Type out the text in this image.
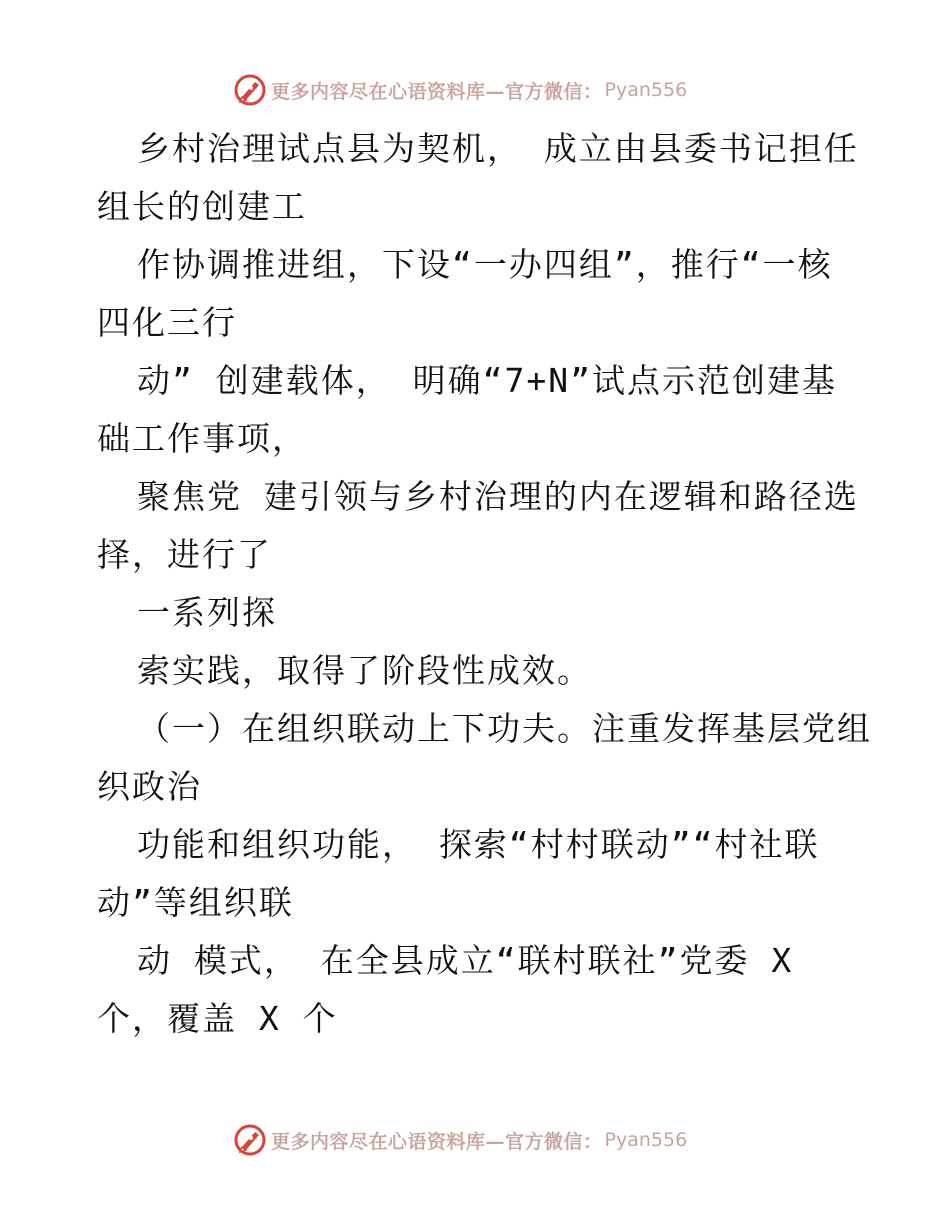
更多内容尽在心语资料库—官方微信： Pyan556
乡村治理试点县为契机， 成立由县委书记担任
组长的创建工
作协调推进组，下设“一办四组”，推行“一核
四化三行
动” 创建载体， 明确“7+N”试点示范创建基
础工作事项，
聚焦党 建引领与乡村治理的内在逻辑和路径选
择，进行了
一系列探
索实践，取得了阶段性成效。
（一）在组织联动上下功夫。注重发挥基层党组
织政治
功能和组织功能， 探索“村村联动”“村社联
动”等组织联
动 模式， 在全县成立“联村联社”党委 X
个，覆盖 X 个
更多内容尽在心语资料库—官方微信： Pyan556
